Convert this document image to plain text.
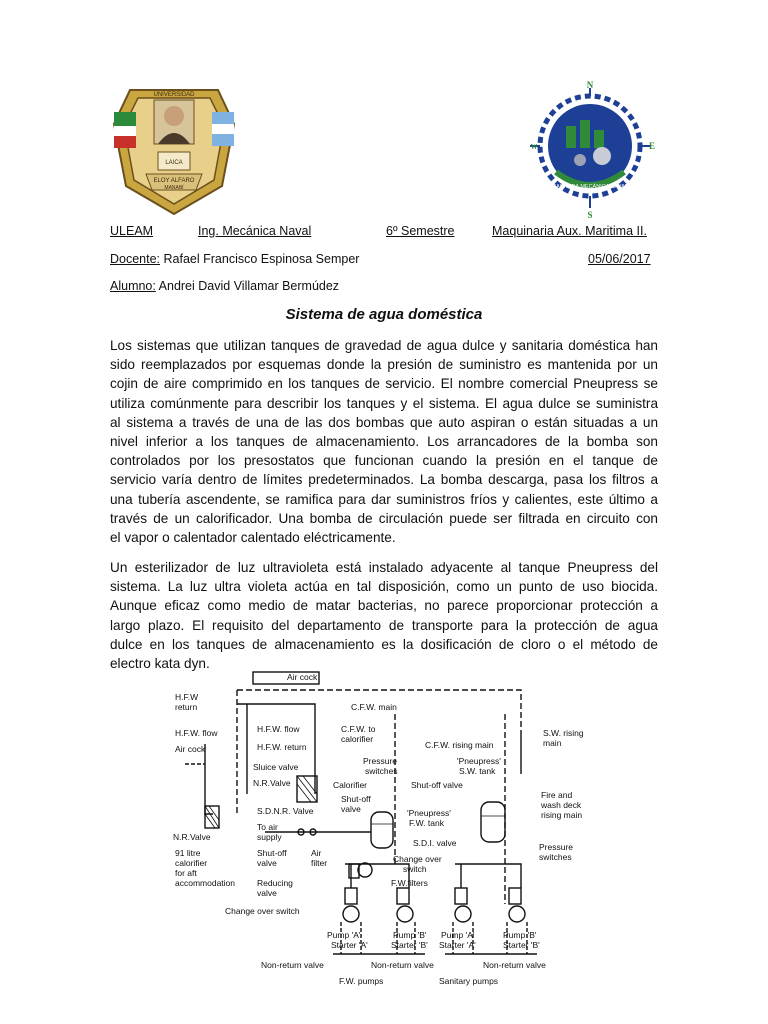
UNIVERSIDAD
LAICA
ELOY ALFARO
MANABÍ
N
S
E
W
CARRERA MECÁNICA NAVAL
ULEAM	Ing. Mecánica Naval	6º Semestre	Maquinaria Aux. Maritima II.
Docente: Rafael Francisco Espinosa Semper	05/06/2017
Alumno: Andrei David Villamar Bermúdez
Sistema de agua doméstica
Los sistemas que utilizan tanques de gravedad de agua dulce y sanitaria doméstica han
sido reemplazados por esquemas donde la presión de suministro es mantenida por un
cojin de aire comprimido en los tanques de servicio. El nombre comercial Pneupress se
utiliza comúnmente para describir los tanques y el sistema. El agua dulce se suministra
al sistema a través de una de las dos bombas que auto aspiran o están situadas a un
nivel inferior a los tanques de almacenamiento. Los arrancadores de la bomba son
controlados por los presostatos que funcionan cuando la presión en el tanque de
servicio varía dentro de límites predeterminados. La bomba descarga, pasa los filtros a
una tubería ascendente, se ramifica para dar suministros fríos y calientes, este último a
través de un calorificador. Una bomba de circulación puede ser filtrada en circuito con
el vapor o calentador calentado eléctricamente.
Un esterilizador de luz ultravioleta está instalado adyacente al tanque Pneupress del
sistema. La luz ultra violeta actúa en tal disposición, como un punto de uso biocida.
Aunque eficaz como medio de matar bacterias, no parece proporcionar protección a
largo plazo. El requisito del departamento de transporte para la protección de agua
dulce en los tanques de almacenamiento es la dosificación de cloro o el método de
electro kata dyn.
Air cock
C.F.W. main
H.F.W
return
H.F.W. flow
Air cock
H.F.W. flow
H.F.W. return
C.F.W. to
calorifier
Sluice valve
N.R.Valve	Calorifier
C.F.W. rising main
S.W. rising
main
Pressure
switches
'Pneupress'
S.W. tank
S.D.N.R. Valve
Shut-off
valve
Shut-off valve
Fire and
wash deck
rising main
To air
supply
'Pneupress'
F.W. tank
N.R.Valve
91 litre
calorifier
for aft
accommodation
S.D.I. valve
Shut-off
valve
Air
filter	Change over
switch
Pressure
switches
F.W.filters
Reducing
valve
Change over switch
Pump 'A'
Starter 'A'
Pump 'B'
Starter 'B'
Pump 'A'
Starter 'A'
Pump 'B'
Starter 'B'
Non-return valve	Non-return valve	Non-return valve
F.W. pumps	Sanitary pumps
